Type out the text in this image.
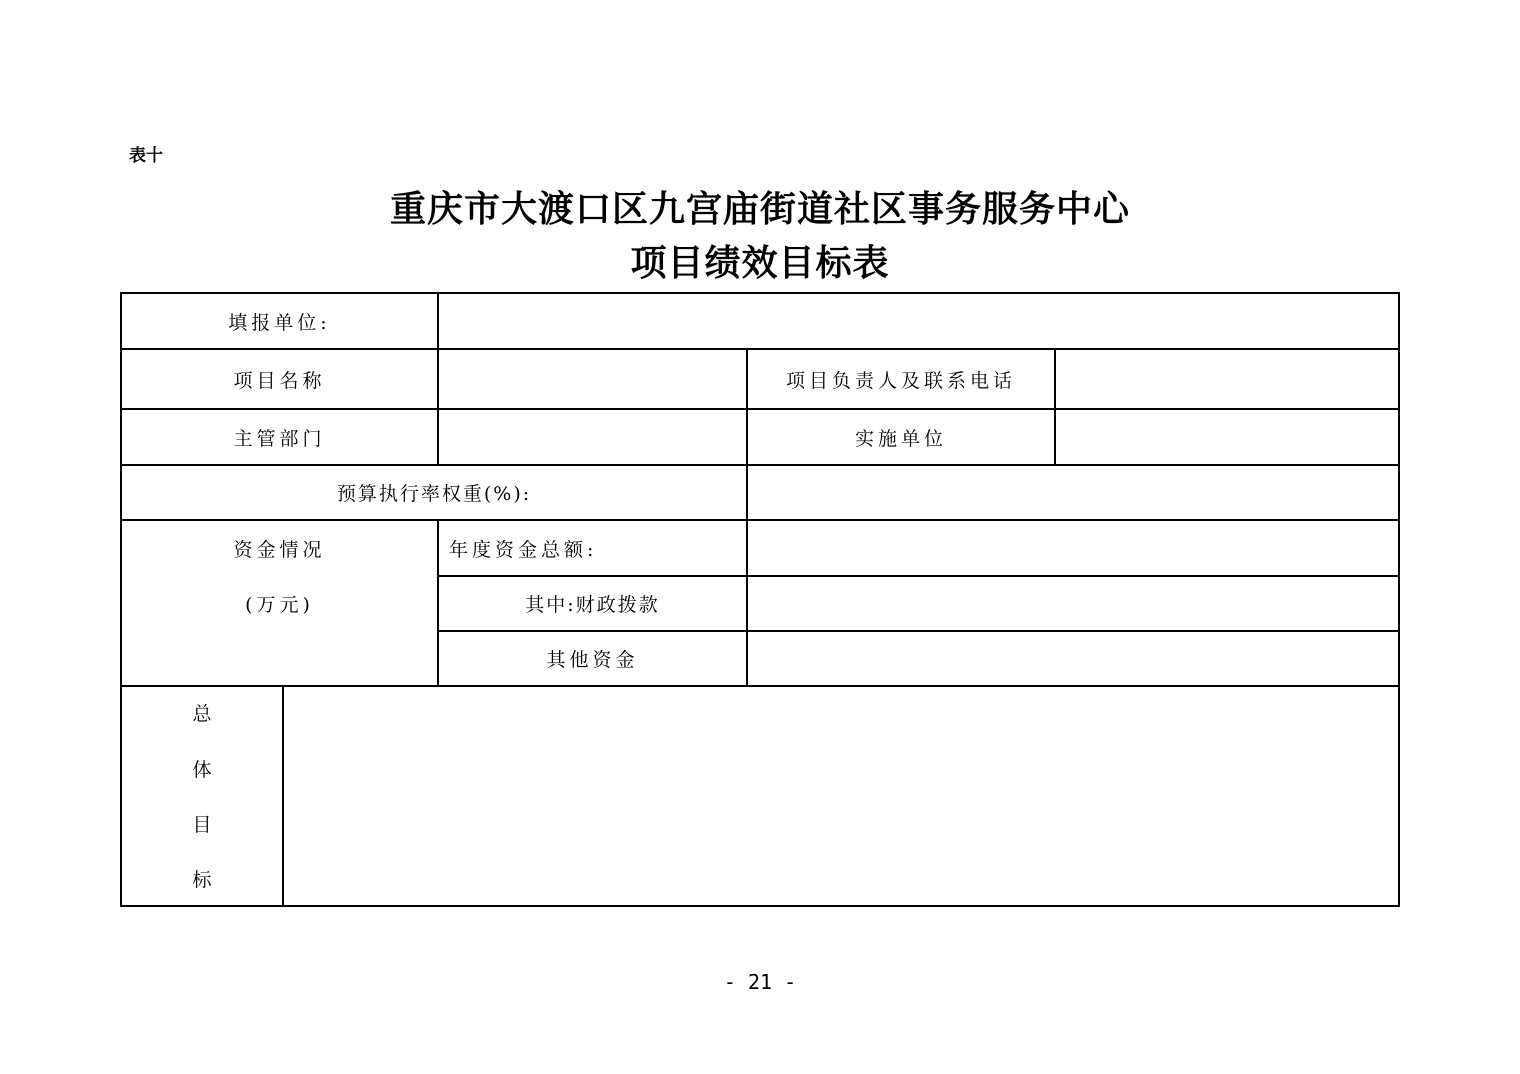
表十
重庆市大渡口区九宫庙街道社区事务服务中心
项目绩效目标表
填报单位:
项目名称	项目负责人及联系电话
主管部门	实施单位
预算执行率权重(%):
资金情况
(万元)
年度资金总额:
其中:财政拨款
其他资金
总
体
目
标
- 21 -
